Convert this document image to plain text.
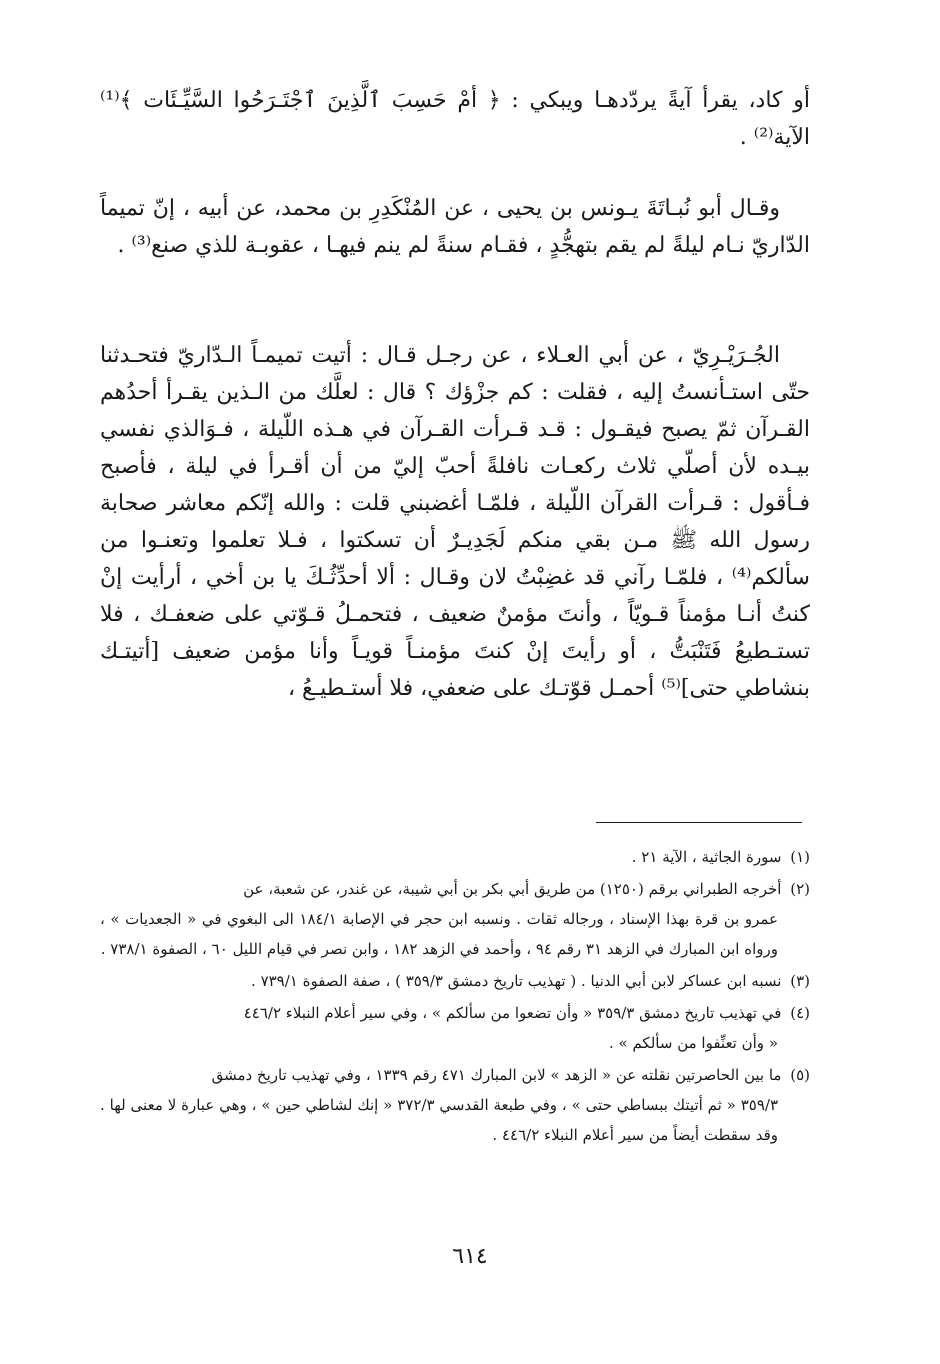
أو كاد، يقرأ آيةً يردّدهـا ويبكي : ﴿ أمْ حَسِبَ ٱلَّذِينَ ٱجْتَـرَحُوا السَّيِّـئَات ﴾⁽¹⁾ الآية⁽²⁾ .

وقـال أبو نُبـاتَةَ يـونس بن يحيى ، عن المُنْكَدِرِ بن محمد، عن أبيه ، إنّ تميماً الدّاريّ نـام ليلةً لم يقم بتهجُّدٍ ، فقـام سنةً لم ينم فيهـا ، عقوبـة للذي صنع⁽³⁾ .

الجُـرَيْـرِيّ ، عن أبي العـلاء ، عن رجـل قـال : أتيت تميمـاً الـدّاريّ فتحـدثنا حتّى استـأنستُ إليه ، فقلت : كم جزْؤك ؟ قال : لعلَّك من الـذين يقـرأ أحدُهم القـرآن ثمّ يصبح فيقـول : قـد قـرأت القـرآن في هـذه اللّيلة ، فـوَالذي نفسي بيـده لأن أصلّي ثلاث ركعـات نافلةً أحبّ إليّ من أن أقـرأ في ليلة ، فأصبح فـأقول : قـرأت القرآن اللّيلة ، فلمّـا أغضبني قلت : والله إنّكم معاشر صحابة رسول الله ﷺ مـن بقي منكم لَجَدِيـرٌ أن تسكتوا ، فـلا تعلموا وتعنـوا من سألكم⁽⁴⁾ ، فلمّـا رآني قد غضِبْتُ لان وقـال : ألا أحدِّثُـكَ يا بن أخي ، أرأيت إنْ كنتُ أنـا مؤمناً قـويّاً ، وأنتَ مؤمنٌ ضعيف ، فتحمـلُ قـوّتي على ضعفـك ، فلا تستـطيعُ فَتَنْبَتُّ ، أو رأيتَ إنْ كنتَ مؤمنـاً قويـاً وأنا مؤمن ضعيف [أتيتـك بنشاطي حتى]⁽⁵⁾ أحمـل قوّتـك على ضعفي، فلا أستـطيـعُ ،

(١) سورة الجاثية ، الآية ٢١ .
(٢) أخرجه الطبراني برقم (١٢٥٠) من طريق أبي بكر بن أبي شيبة، عن غندر، عن شعبة، عن
عمرو بن قرة بهذا الإسناد ، ورجاله ثقات . ونسبه ابن حجر في الإصابة ١٨٤/١ الى البغوي في « الجعديات » ، ورواه ابن المبارك في الزهد ٣١ رقم ٩٤ ، وأحمد في الزهد ١٨٢ ، وابن نصر في قيام الليل ٦٠ ، الصفوة ٧٣٨/١ .
(٣) نسبه ابن عساكر لابن أبي الدنيا . ( تهذيب تاريخ دمشق ٣٥٩/٣ ) ، صفة الصفوة ٧٣٩/١ .
(٤) في تهذيب تاريخ دمشق ٣٥٩/٣ « وأن تضعوا من سألكم » ، وفي سير أعلام النبلاء ٤٤٦/٢
« وأن تعنِّفوا من سألكم » .
(٥) ما بين الحاصرتين نقلته عن « الزهد » لابن المبارك ٤٧١ رقم ١٣٣٩ ، وفي تهذيب تاريخ دمشق
٣٥٩/٣ « ثم أتيتك ببساطي حتى » ، وفي طبعة القدسي ٣٧٢/٣ « إنك لشاطي حين » ، وهي عبارة لا معنى لها . وقد سقطت أيضاً من سير أعلام النبلاء ٤٤٦/٢ .
٦١٤
